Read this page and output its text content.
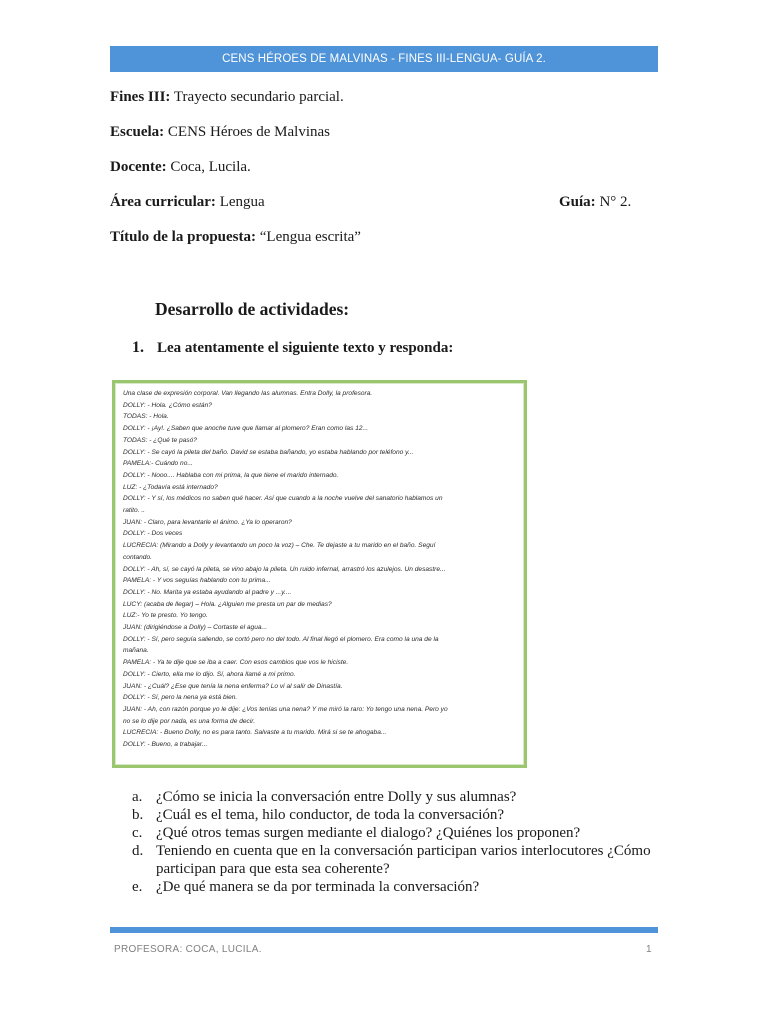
CENS HÉROES DE MALVINAS - FINES III-LENGUA- GUÍA 2.
Fines III: Trayecto secundario parcial.
Escuela: CENS Héroes de Malvinas
Docente: Coca, Lucila.
Área curricular: Lengua	Guía: N° 2.
Título de la propuesta: “Lengua escrita”
Desarrollo de actividades:
1. Lea atentamente el siguiente texto y responda:
Una clase de expresión corporal. Van llegando las alumnas. Entra Dolly, la profesora.
DOLLY: - Hola. ¿Cómo están?
TODAS: - Hola.
DOLLY: - ¡Ay!. ¿Saben que anoche tuve que llamar al plomero? Eran como las 12...
TODAS: - ¿Qué te pasó?
DOLLY: - Se cayó la pileta del baño. David se estaba bañando, yo estaba hablando por teléfono y...
PAMELA:- Cuándo no...
DOLLY: - Nooo.... Hablaba con mi prima, la que tiene el marido internado.
LUZ: - ¿Todavía está internado?
DOLLY: - Y sí, los médicos no saben qué hacer. Así que cuando a la noche vuelve del sanatorio hablamos un
ratito. ..
JUAN: - Claro, para levantarle el ánimo. ¿Ya lo operaron?
DOLLY: - Dos veces
LUCRECIA: (Mirando a Dolly y levantando un poco la voz) – Che. Te dejaste a tu marido en el baño. Seguí
contando.
DOLLY: - Ah, sí, se cayó la pileta, se vino abajo la pileta. Un ruido infernal, arrastró los azulejos. Un desastre...
PAMELA: - Y vos seguías hablando con tu prima...
DOLLY: - No. Marita ya estaba ayudando al padre y ...y....
LUCY: (acaba de llegar) – Hola. ¿Alguien me presta un par de medias?
LUZ:- Yo te presto. Yo tengo.
JUAN: (dirigiéndose a Dolly) – Cortaste el agua...
DOLLY: - Sí, pero seguía saliendo, se cortó pero no del todo. Al final llegó el plomero. Era como la una de la
mañana.
PAMELA: - Ya te dije que se iba a caer. Con esos cambios que vos le hiciste.
DOLLY: - Cierto, ella me lo dijo. Sí, ahora llamé a mi primo.
JUAN: - ¿Cuál? ¿Ese que tenía la nena enferma? Lo vi al salir de Dinastía.
DOLLY: - Sí, pero la nena ya está bien.
JUAN: - Ah, con razón porque yo le dije: ¿Vos tenías una nena? Y me miró la raro: Yo tengo una nena. Pero yo
no se lo dije por nada, es una forma de decir.
LUCRECIA: - Bueno Dolly, no es para tanto. Salvaste a tu marido. Mirá si se te ahogaba...
DOLLY: - Bueno, a trabajar...
a. ¿Cómo se inicia la conversación entre Dolly y sus alumnas?
b. ¿Cuál es el tema, hilo conductor, de toda la conversación?
c. ¿Qué otros temas surgen mediante el dialogo? ¿Quiénes los proponen?
d. Teniendo en cuenta que en la conversación participan varios interlocutores ¿Cómo participan para que esta sea coherente?
e. ¿De qué manera se da por terminada la conversación?
PROFESORA: COCA, LUCILA.	1
